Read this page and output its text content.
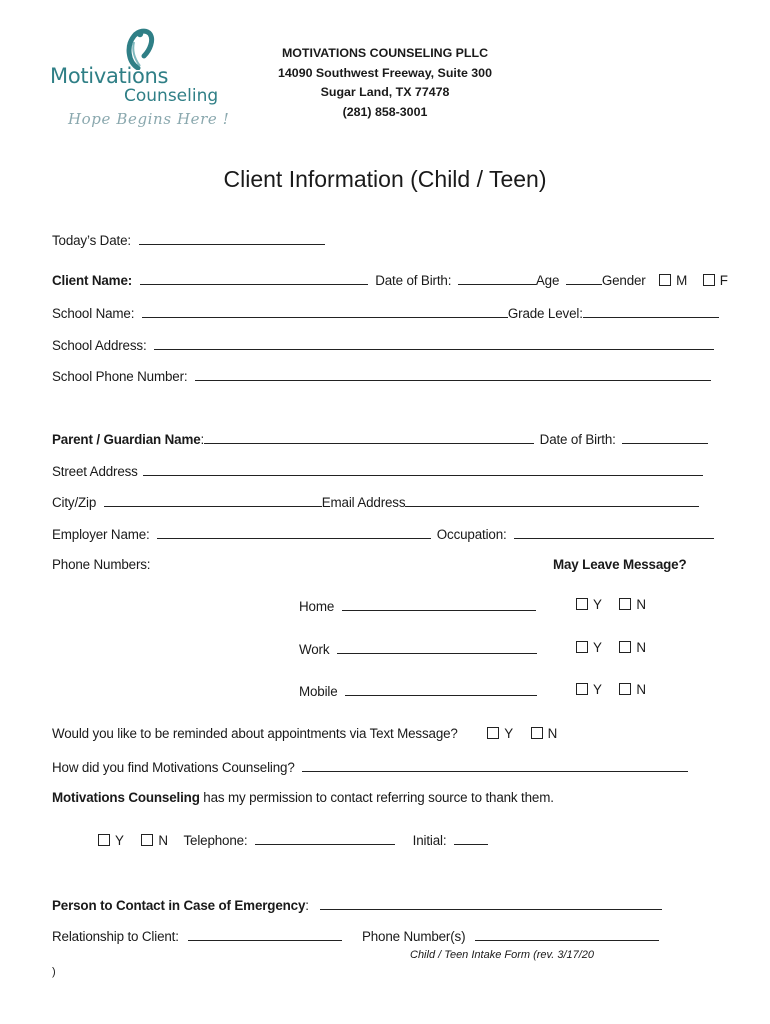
Motivations
Counseling
Hope Begins Here !
MOTIVATIONS COUNSELING PLLC
14090 Southwest Freeway, Suite 300
Sugar Land, TX 77478
(281) 858-3001
Client Information (Child / Teen)
Today’s Date:
Client Name:	Date of Birth:	Age	Gender M F
School Name:	Grade Level:
School Address:
School Phone Number:
Parent / Guardian Name:	Date of Birth:
Street Address
City/Zip	Email Address
Employer Name:	Occupation:
Phone Numbers:	May Leave Message?
Home	Y	N
Work	Y	N
Mobile	Y	N
Would you like to be reminded about appointments via Text Message?	Y	N
How did you find Motivations Counseling?
Motivations Counseling has my permission to contact referring source to thank them.
Y	N Telephone:	Initial:
Person to Contact in Case of Emergency:
Relationship to Client:	Phone Number(s)
Child / Teen Intake Form (rev. 3/17/20
)
